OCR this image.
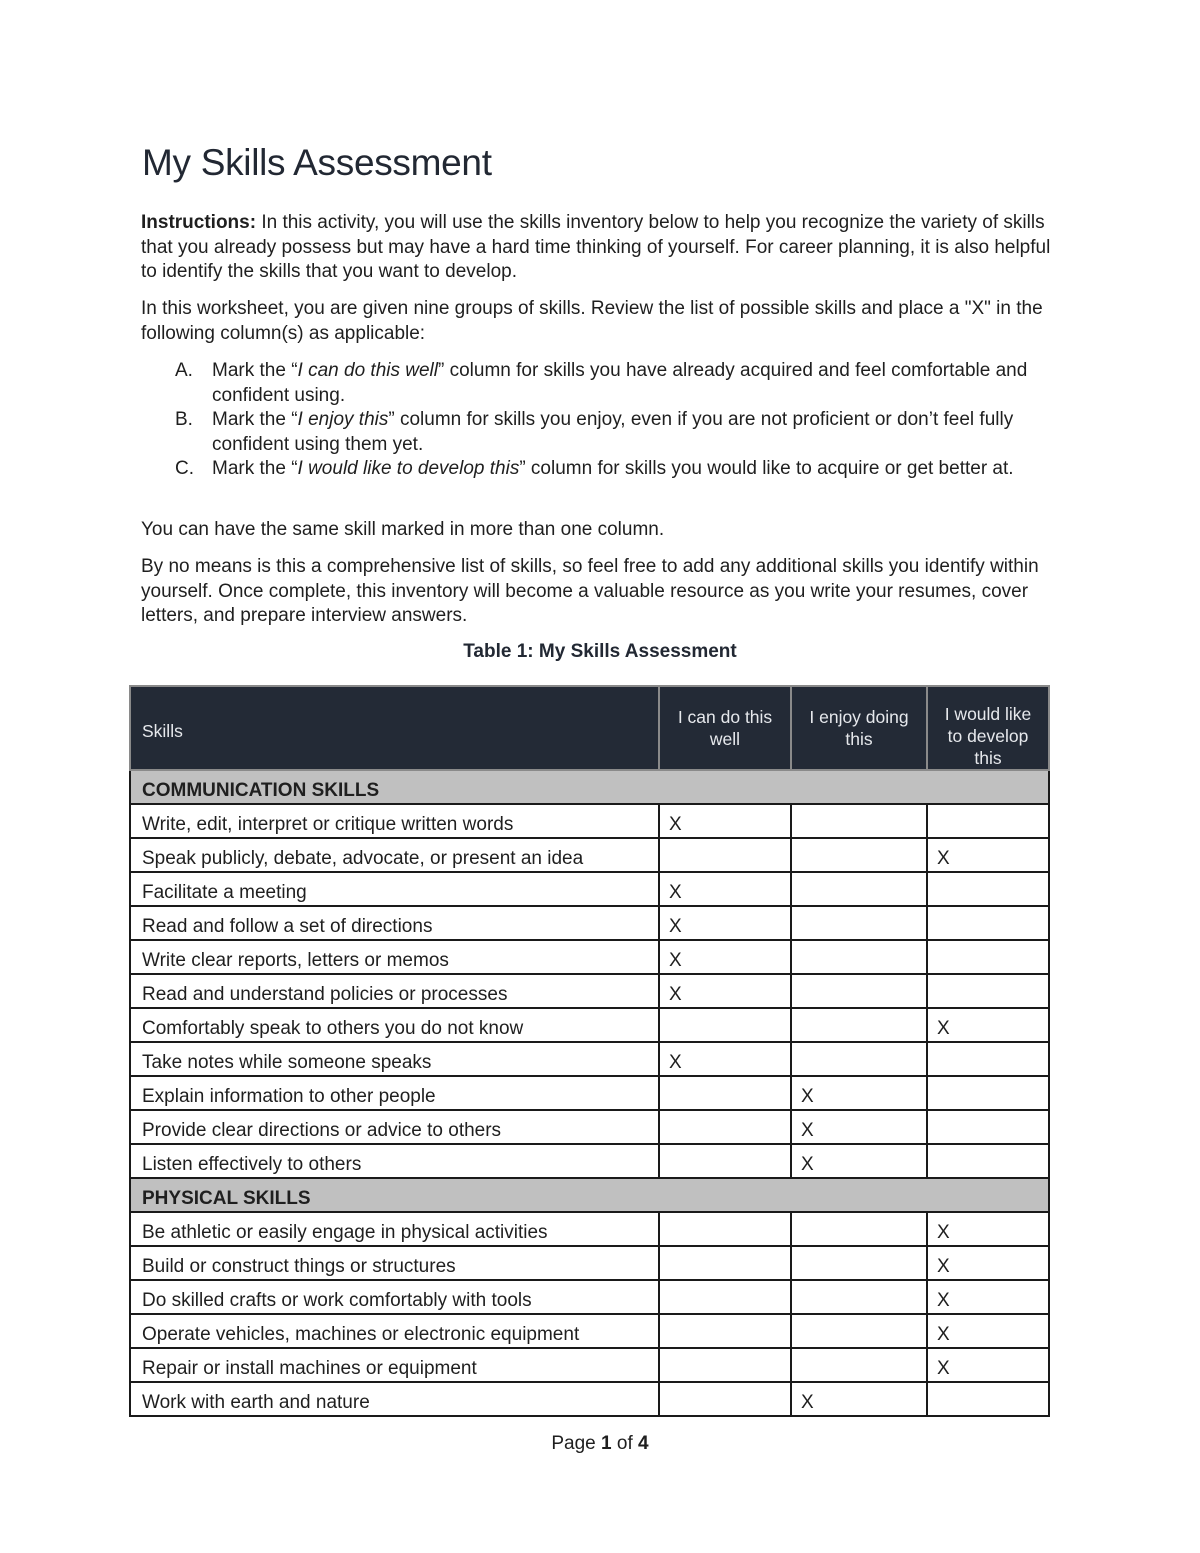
My Skills Assessment

Instructions: In this activity, you will use the skills inventory below to help you recognize the variety of skills that you already possess but may have a hard time thinking of yourself. For career planning, it is also helpful to identify the skills that you want to develop.

In this worksheet, you are given nine groups of skills. Review the list of possible skills and place a "X" in the following column(s) as applicable:

A. Mark the “I can do this well” column for skills you have already acquired and feel comfortable and confident using.
B. Mark the “I enjoy this” column for skills you enjoy, even if you are not proficient or don’t feel fully confident using them yet.
C. Mark the “I would like to develop this” column for skills you would like to acquire or get better at.

You can have the same skill marked in more than one column.

By no means is this a comprehensive list of skills, so feel free to add any additional skills you identify within yourself. Once complete, this inventory will become a valuable resource as you write your resumes, cover letters, and prepare interview answers.

Table 1: My Skills Assessment

Skills	I can do this well	I enjoy doing this	I would like
to develop
this
COMMUNICATION SKILLS			
Write, edit, interpret or critique written words	X		
Speak publicly, debate, advocate, or present an idea			X
Facilitate a meeting	X		
Read and follow a set of directions	X		
Write clear reports, letters or memos	X		
Read and understand policies or processes	X		
Comfortably speak to others you do not know			X
Take notes while someone speaks	X		
Explain information to other people		X	
Provide clear directions or advice to others		X	
Listen effectively to others		X	
PHYSICAL SKILLS			
Be athletic or easily engage in physical activities			X
Build or construct things or structures			X
Do skilled crafts or work comfortably with tools			X
Operate vehicles, machines or electronic equipment			X
Repair or install machines or equipment			X
Work with earth and nature		X	

Page 1 of 4
